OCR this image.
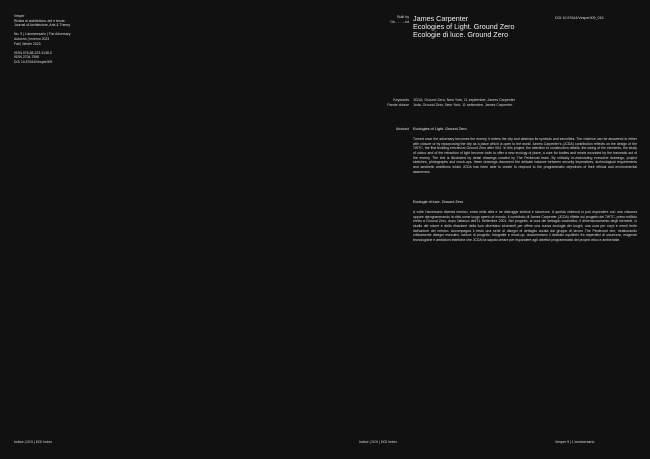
Vesper
Rivista di architettura, arti e teoria
Journal of Architecture, Arts & Theory
No. 9 | L'anniversario | The Adversary
Autunno | Inverno 2023
Fall | Winter 2023
ISSN 978-88-229-3138-0
ISSN 2704-7598
DOI 10.57644/Vesper009
Indice | DOI | DOI Index
Built by
Ge.. ... ...ed James Carpenter
Ecologies of Light. Ground Zero
Ecologie di luce. Ground Zero
DOI 10.57644/Vesper009_016
Keywords
Parole chiave
JCDA, Ground Zero, New York, 11 september, James Carpenter
Jcda, Ground Zero, New York, 11 settembre, James Carpenter
Abstract Ecologies of Light. Ground Zero
Turned once the adversary becomes the enemy, it enters the city and destroys its symbols and securities. The violence can be answered to either with closure or by repurposing the city as a place which is open to the world. James Carpenter's (JCDA) contribution reflects on the design of the 7WTC, the first building erected at Ground Zero after 9/11. In this project, the attention to construction details, the sizing of the elements, the study of colour and of the refraction of light become tools to offer a new ecology of place, a cure for bodies and minds wounded by the traumatic act of the enemy. The text is illustrated by detail drawings curated by The Pentecost team. By critically re-elaborating executive drawings, project sketches, photographs and mock-ups, these drawings document the delicate balance between security imperatives, technological requirements and aesthetic ambitions which JCDA has been able to create to respond to the programmatic objectives of their ethical and environmental awareness.
Ecologie di luce. Ground Zero
A volte l'avversario diventa nemico, entra nella città e ne distrugge simboli e sicurezze. A questa violenza si può rispondere con una chiusura oppure riprogrammando la città come luogo aperto al mondo. Il contributo di James Carpenter (JCDA) riflette sul progetto del 7WTC, primo edificio eretto a Ground Zero, dopo l'attacco dell'11 Settembre 2001. Nel progetto, la cura del dettaglio costruttivo, il dimensionamento degli elementi, lo studio del colore e della rifrazione della luce diventano strumenti per offrire una nuova ecologia dei luoghi, una cura per corpi e menti ferite dall'azione del nemico. Accompagna il testo una serie di disegni di dettaglio curata dal gruppo di lavoro The Pentecost che, rielaborando criticamente disegni esecutivi, schizzi di progetto, fotografie e mock-up, documentano il delicato equilibrio fra imperativi di sicurezza, esigenze tecnologiche e ambizioni estetiche che JCDA ha saputo creare per rispondere agli obiettivi programmatici del proprio etico e ambientale.
Indice | DOI | DOI Index	Vesper 9 | L'anniversario
